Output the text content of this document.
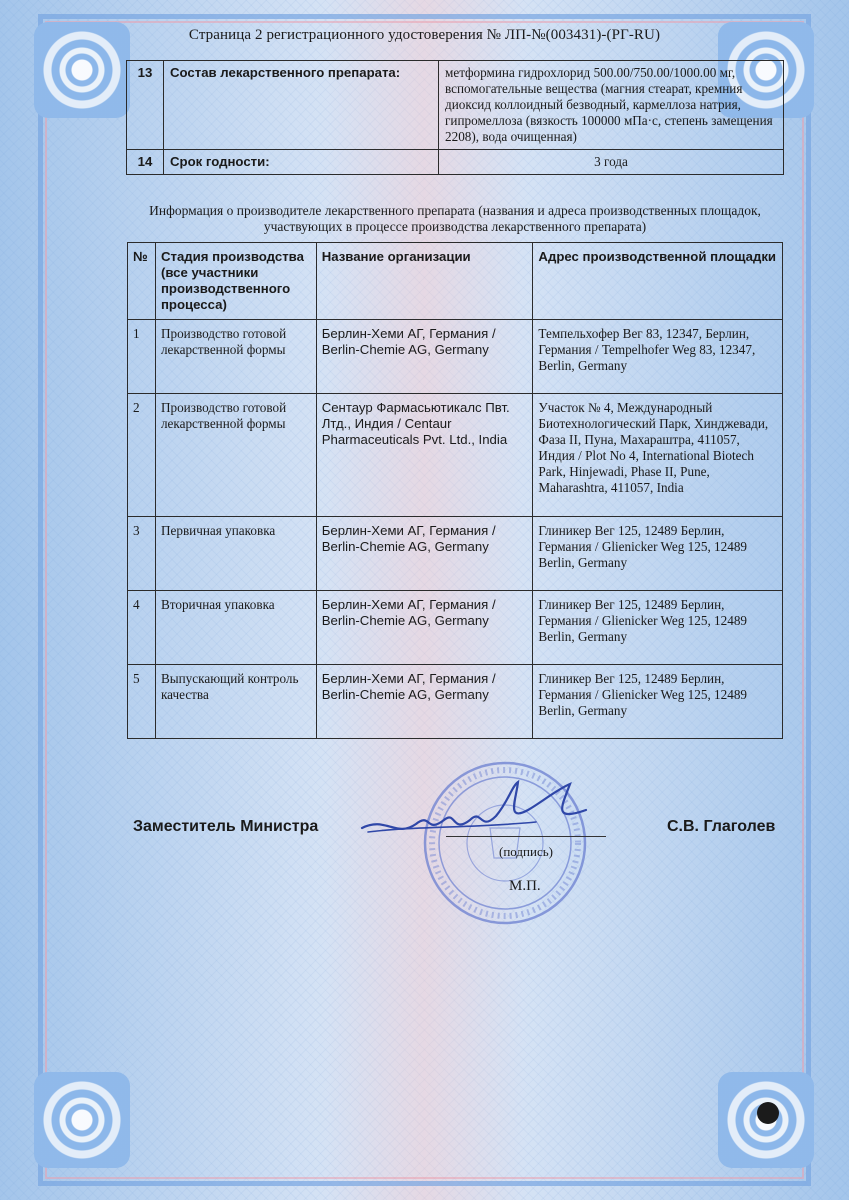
Страница 2 регистрационного удостоверения № ЛП-№(003431)-(РГ-RU)
13	Состав лекарственного препарата:	метформина гидрохлорид 500.00/750.00/1000.00 мг, вспомогательные вещества (магния стеарат, кремния диоксид коллоидный безводный, кармеллоза натрия, гипромеллоза (вязкость 100000 мПа·с, степень замещения 2208), вода очищенная)
14	Срок годности:	3 года
Информация о производителе лекарственного препарата (названия и адреса производственных площадок, участвующих в процессе производства лекарственного препарата)
№	Стадия производства (все участники производственного процесса)	Название организации	Адрес производственной площадки
1	Производство готовой лекарственной формы	Берлин-Хеми АГ, Германия / Berlin-Chemie AG, Germany	Темпельхофер Вег 83, 12347, Берлин, Германия / Tempelhofer Weg 83, 12347, Berlin, Germany
2	Производство готовой лекарственной формы	Сентаур Фармасьютикалс Пвт. Лтд., Индия / Centaur Pharmaceuticals Pvt. Ltd., India	Участок № 4, Международный Биотехнологический Парк, Хинджевади, Фаза II, Пуна, Махараштра, 411057, Индия / Plot No 4, International Biotech Park, Hinjewadi, Phase II, Pune, Maharashtra, 411057, India
3	Первичная упаковка	Берлин-Хеми АГ, Германия / Berlin-Chemie AG, Germany	Глиникер Вег 125, 12489 Берлин, Германия / Glienicker Weg 125, 12489 Berlin, Germany
4	Вторичная упаковка	Берлин-Хеми АГ, Германия / Berlin-Chemie AG, Germany	Глиникер Вег 125, 12489 Берлин, Германия / Glienicker Weg 125, 12489 Berlin, Germany
5	Выпускающий контроль качества	Берлин-Хеми АГ, Германия / Berlin-Chemie AG, Germany	Глиникер Вег 125, 12489 Берлин, Германия / Glienicker Weg 125, 12489 Berlin, Germany
Заместитель Министра
(подпись)
С.В. Глаголев
М.П.
